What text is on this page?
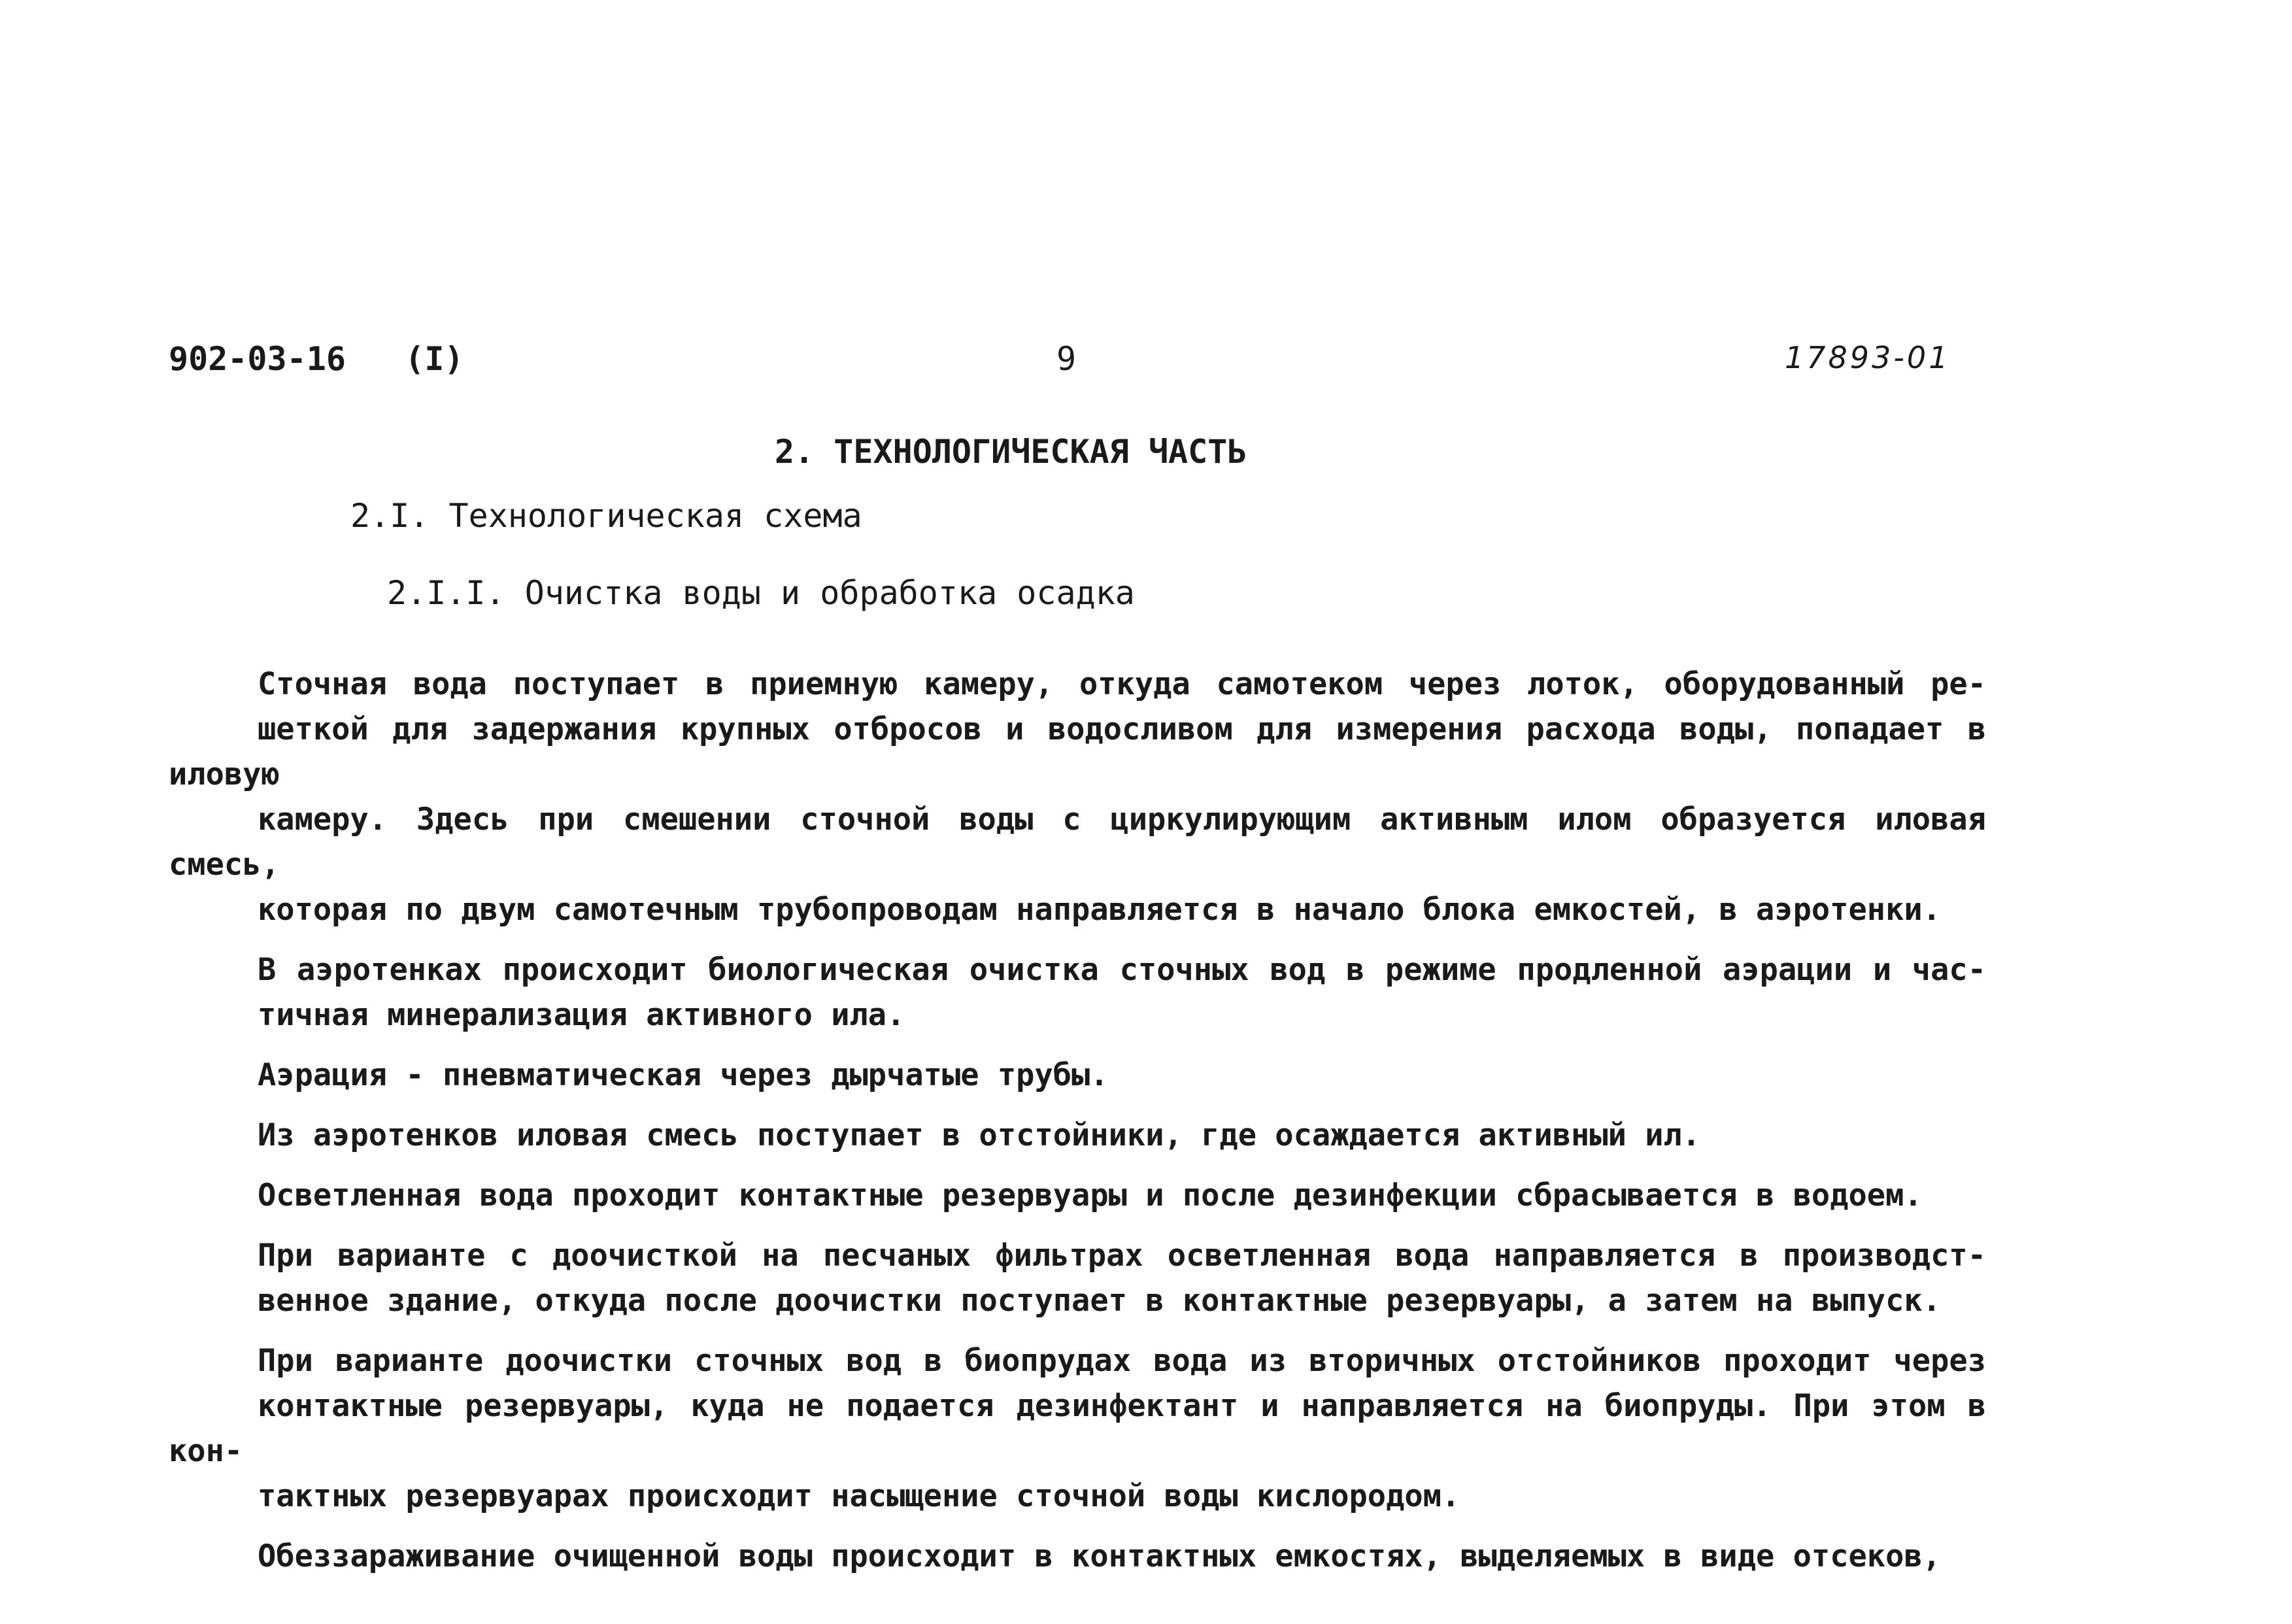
902-03-16   (I)	9	17893-01
2. ТЕХНОЛОГИЧЕСКАЯ ЧАСТЬ
2.I. Технологическая схема
2.I.I. Очистка воды и обработка осадка

Сточная вода поступает в приемную камеру, откуда самотеком через лоток, оборудованный ре-
шеткой для задержания крупных отбросов и водосливом для измерения расхода воды, попадает в иловую
камеру. Здесь при смешении сточной воды с циркулирующим активным илом образуется иловая смесь,
которая по двум самотечным трубопроводам направляется в начало блока емкостей, в аэротенки.

В аэротенках происходит биологическая очистка сточных вод в режиме продленной аэрации и час-
тичная минерализация активного ила.

Аэрация - пневматическая через дырчатые трубы.

Из аэротенков иловая смесь поступает в отстойники, где осаждается активный ил.

Осветленная вода проходит контактные резервуары и после дезинфекции сбрасывается в водоем.

При варианте с доочисткой на песчаных фильтрах осветленная вода направляется в производст-
венное здание, откуда после доочистки поступает в контактные резервуары, а затем на выпуск.

При варианте доочистки сточных вод в биопрудах вода из вторичных отстойников проходит через
контактные резервуары, куда не подается дезинфектант и направляется на биопруды. При этом в кон-
тактных резервуарах происходит насыщение сточной воды кислородом.

Обеззараживание очищенной воды происходит в контактных емкостях, выделяемых в виде отсеков,
